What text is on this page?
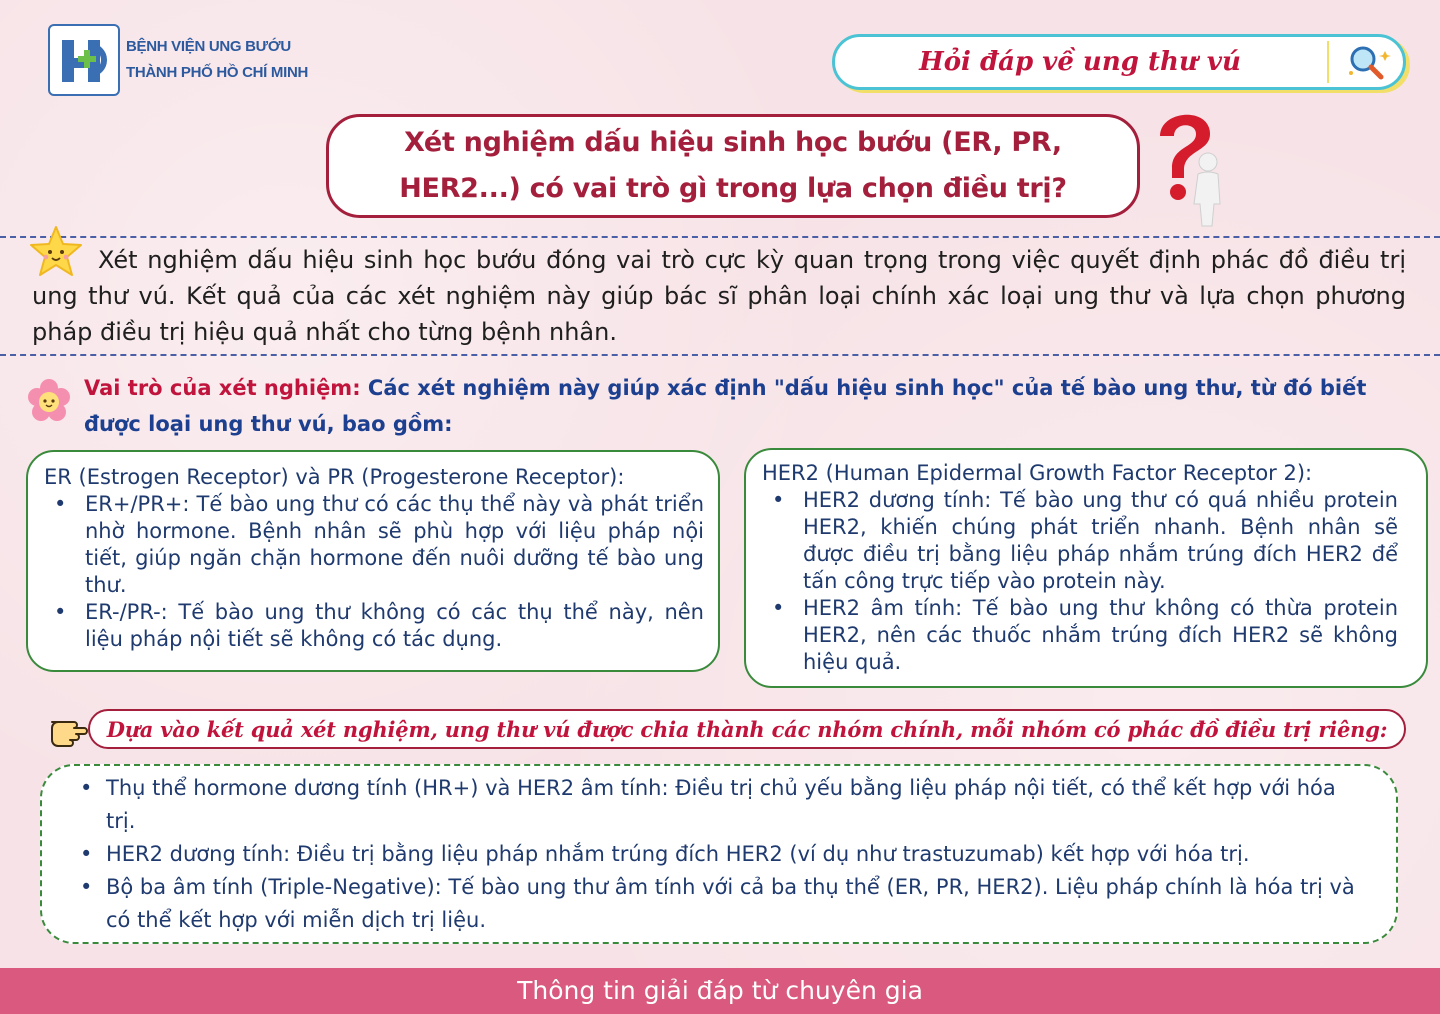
BỆNH VIỆN UNG BƯỚU
THÀNH PHỐ HỒ CHÍ MINH	Hỏi đáp về ung thư vú
Xét nghiệm dấu hiệu sinh học bướu (ER, PR,
HER2...) có vai trò gì trong lựa chọn điều trị?
Xét nghiệm dấu hiệu sinh học bướu đóng vai trò cực kỳ quan trọng trong việc quyết định phác đồ điều trị ung thư vú. Kết quả của các xét nghiệm này giúp bác sĩ phân loại chính xác loại ung thư và lựa chọn phương pháp điều trị hiệu quả nhất cho từng bệnh nhân.
Vai trò của xét nghiệm: Các xét nghiệm này giúp xác định "dấu hiệu sinh học" của tế bào ung thư, từ đó biết được loại ung thư vú, bao gồm:
ER (Estrogen Receptor) và PR (Progesterone Receptor):
• ER+/PR+: Tế bào ung thư có các thụ thể này và phát triển nhờ hormone. Bệnh nhân sẽ phù hợp với liệu pháp nội tiết, giúp ngăn chặn hormone đến nuôi dưỡng tế bào ung thư.
• ER-/PR-: Tế bào ung thư không có các thụ thể này, nên liệu pháp nội tiết sẽ không có tác dụng.
HER2 (Human Epidermal Growth Factor Receptor 2):
• HER2 dương tính: Tế bào ung thư có quá nhiều protein HER2, khiến chúng phát triển nhanh. Bệnh nhân sẽ được điều trị bằng liệu pháp nhắm trúng đích HER2 để tấn công trực tiếp vào protein này.
• HER2 âm tính: Tế bào ung thư không có thừa protein HER2, nên các thuốc nhắm trúng đích HER2 sẽ không hiệu quả.
Dựa vào kết quả xét nghiệm, ung thư vú được chia thành các nhóm chính, mỗi nhóm có phác đồ điều trị riêng:
• Thụ thể hormone dương tính (HR+) và HER2 âm tính: Điều trị chủ yếu bằng liệu pháp nội tiết, có thể kết hợp với hóa trị.
• HER2 dương tính: Điều trị bằng liệu pháp nhắm trúng đích HER2 (ví dụ như trastuzumab) kết hợp với hóa trị.
• Bộ ba âm tính (Triple-Negative): Tế bào ung thư âm tính với cả ba thụ thể (ER, PR, HER2). Liệu pháp chính là hóa trị và có thể kết hợp với miễn dịch trị liệu.
Thông tin giải đáp từ chuyên gia
